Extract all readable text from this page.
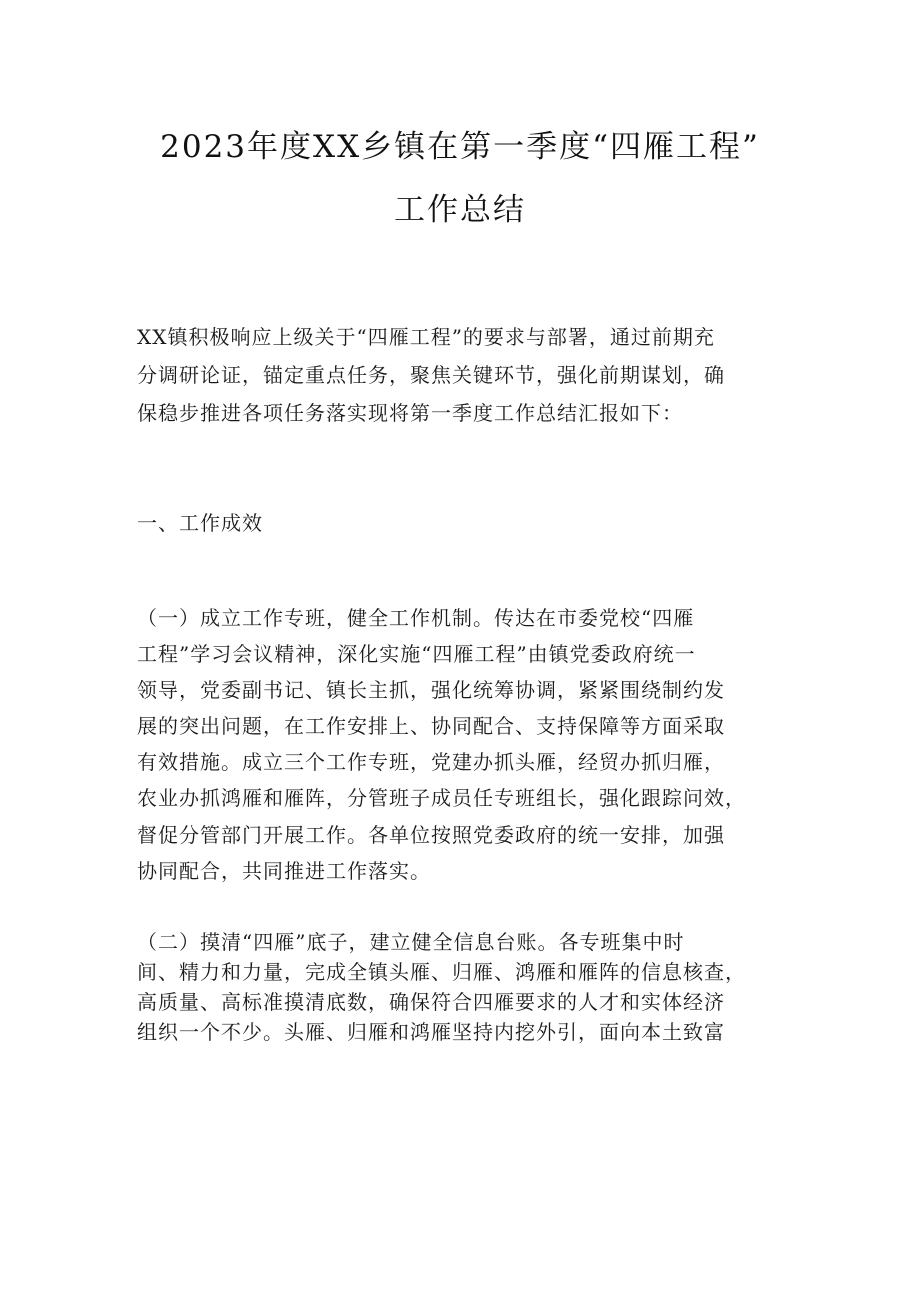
2023年度XX乡镇在第一季度“四雁工程”
工作总结
XX镇积极响应上级关于“四雁工程”的要求与部署，通过前期充
分调研论证，锚定重点任务，聚焦关键环节，强化前期谋划，确
保稳步推进各项任务落实现将第一季度工作总结汇报如下：
一、工作成效
（一）成立工作专班，健全工作机制。传达在市委党校“四雁
工程”学习会议精神，深化实施“四雁工程”由镇党委政府统一
领导，党委副书记、镇长主抓，强化统筹协调，紧紧围绕制约发
展的突出问题，在工作安排上、协同配合、支持保障等方面采取
有效措施。成立三个工作专班，党建办抓头雁，经贸办抓归雁，
农业办抓鸿雁和雁阵，分管班子成员任专班组长，强化跟踪问效，
督促分管部门开展工作。各单位按照党委政府的统一安排，加强
协同配合，共同推进工作落实。
（二）摸清“四雁”底子，建立健全信息台账。各专班集中时
间、精力和力量，完成全镇头雁、归雁、鸿雁和雁阵的信息核查，
高质量、高标准摸清底数，确保符合四雁要求的人才和实体经济
组织一个不少。头雁、归雁和鸿雁坚持内挖外引，面向本土致富
